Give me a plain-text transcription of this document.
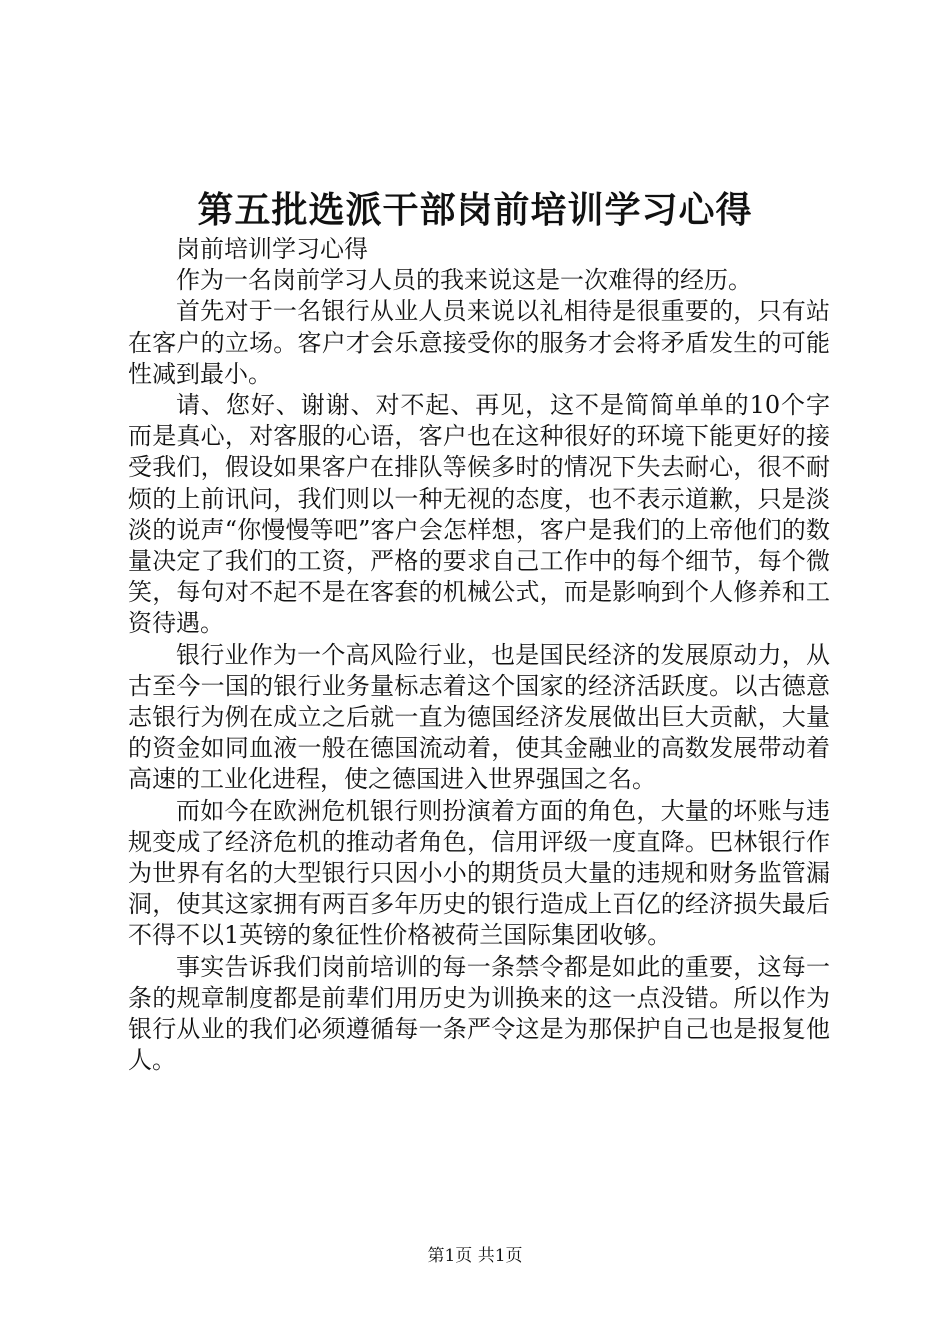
第五批选派干部岗前培训学习心得

岗前培训学习心得

作为一名岗前学习人员的我来说这是一次难得的经历。

首先对于一名银行从业人员来说以礼相待是很重要的，只有站在客户的立场。客户才会乐意接受你的服务才会将矛盾发生的可能性减到最小。

请、您好、谢谢、对不起、再见，这不是简简单单的10个字而是真心，对客服的心语，客户也在这种很好的环境下能更好的接受我们，假设如果客户在排队等候多时的情况下失去耐心，很不耐烦的上前讯问，我们则以一种无视的态度，也不表示道歉，只是淡淡的说声“你慢慢等吧”客户会怎样想，客户是我们的上帝他们的数量决定了我们的工资，严格的要求自己工作中的每个细节，每个微笑，每句对不起不是在客套的机械公式，而是影响到个人修养和工资待遇。

银行业作为一个高风险行业，也是国民经济的发展原动力，从古至今一国的银行业务量标志着这个国家的经济活跃度。以古德意志银行为例在成立之后就一直为德国经济发展做出巨大贡献，大量的资金如同血液一般在德国流动着，使其金融业的高数发展带动着高速的工业化进程，使之德国进入世界强国之名。

而如今在欧洲危机银行则扮演着方面的角色，大量的坏账与违规变成了经济危机的推动者角色，信用评级一度直降。巴林银行作为世界有名的大型银行只因小小的期货员大量的违规和财务监管漏洞，使其这家拥有两百多年历史的银行造成上百亿的经济损失最后不得不以1英镑的象征性价格被荷兰国际集团收够。

事实告诉我们岗前培训的每一条禁令都是如此的重要，这每一条的规章制度都是前辈们用历史为训换来的这一点没错。所以作为银行从业的我们必须遵循每一条严令这是为那保护自己也是报复他人。

第1页 共1页
